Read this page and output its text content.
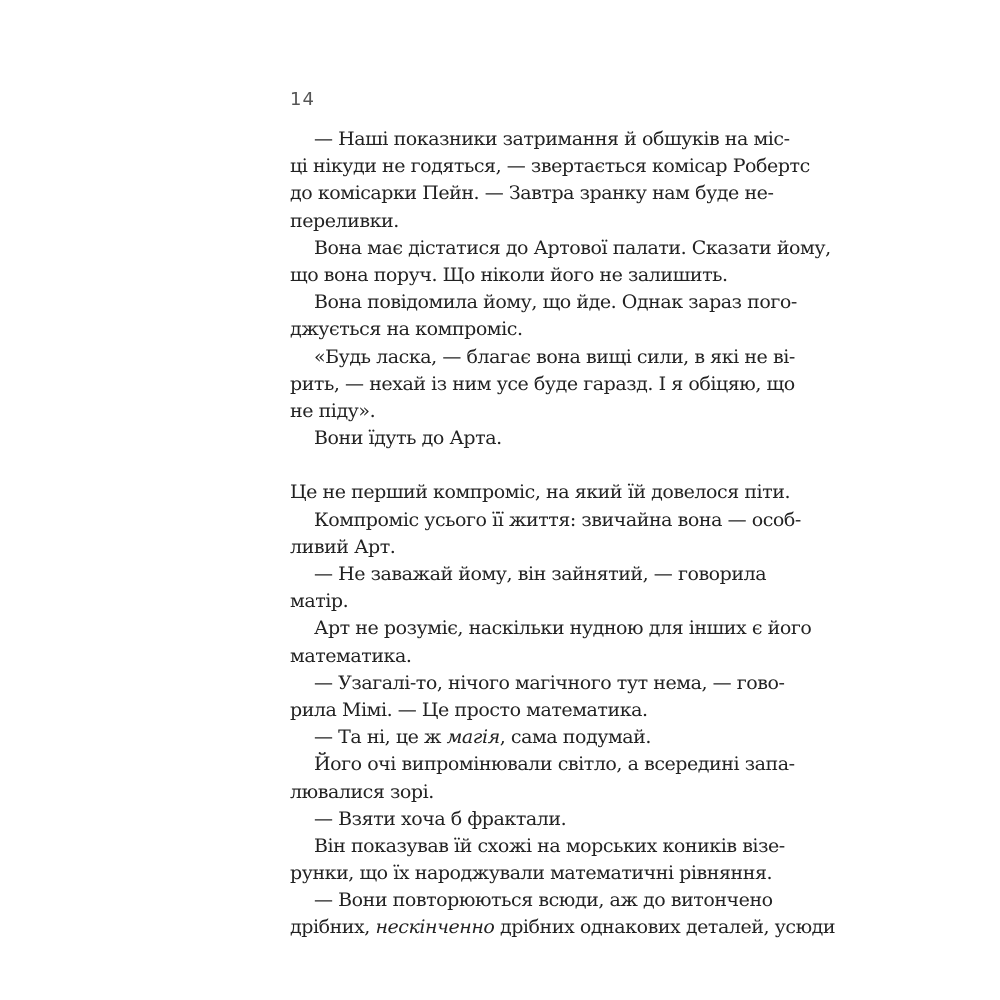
14
— Наші показники затримання й обшуків на міс-
ці нікуди не годяться, — звертається комісар Робертс
до комісарки Пейн. — Завтра зранку нам буде не-
переливки.
Вона має дістатися до Артової палати. Сказати йому,
що вона поруч. Що ніколи його не залишить.
Вона повідомила йому, що йде. Однак зараз пого-
джується на компроміс.
«Будь ласка, — благає вона вищі сили, в які не ві-
рить, — нехай із ним усе буде гаразд. І я обіцяю, що
не піду».
Вони їдуть до Арта.
Це не перший компроміс, на який їй довелося піти.
Компроміс усього її життя: звичайна вона — особ-
ливий Арт.
— Не заважай йому, він зайнятий, — говорила
матір.
Арт не розуміє, наскільки нудною для інших є його
математика.
— Узагалі-то, нічого магічного тут нема, — гово-
рила Мімі. — Це просто математика.
— Та ні, це ж магія, сама подумай.
Його очі випромінювали світло, а всередині запа-
лювалися зорі.
— Взяти хоча б фрактали.
Він показував їй схожі на морських коників візе-
рунки, що їх народжували математичні рівняння.
— Вони повторюються всюди, аж до витончено
дрібних, нескінченно дрібних однакових деталей, усюди
